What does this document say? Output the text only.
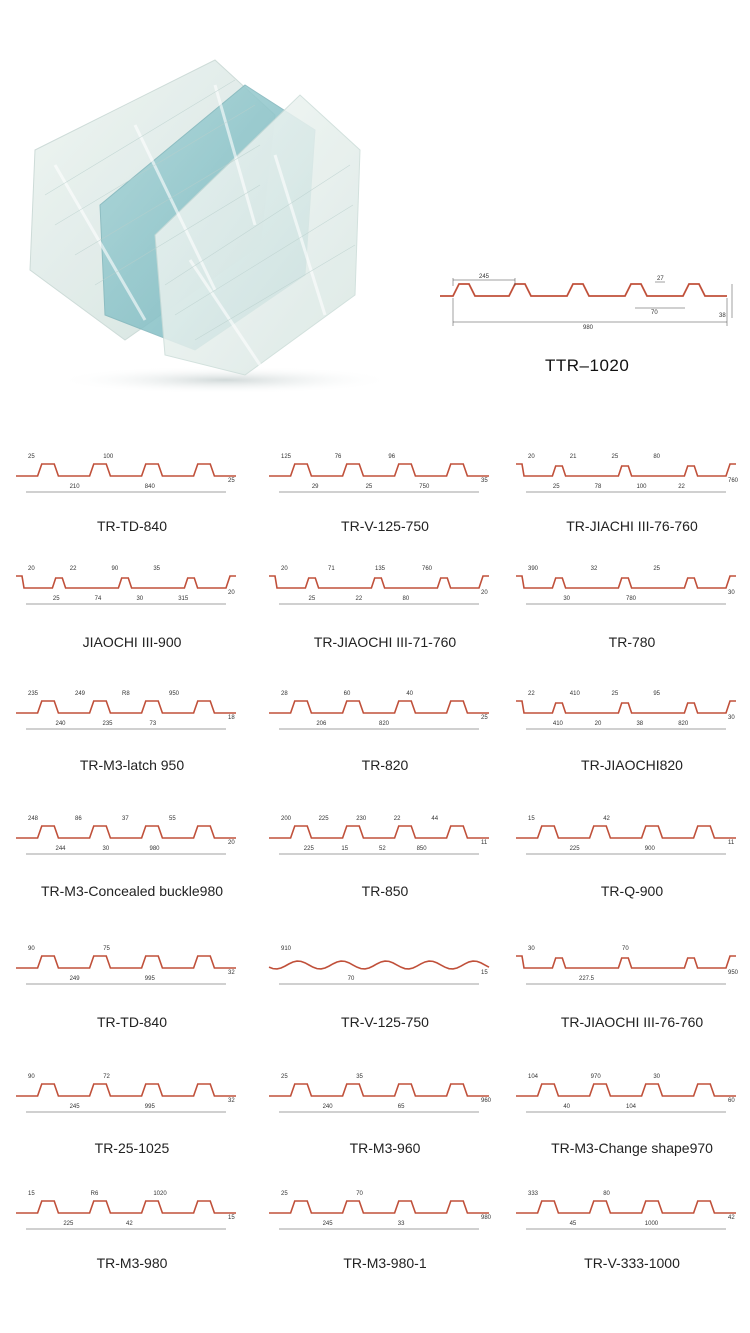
245	27
70
980
38
TTR–1020
25
210
100
840
25
TR-TD-840
125
29
76
25
96
750
35
TR-V-125-750
20
25
21
78
25
100
80
22
760
TR-JIACHI III-76-760
20
25
22
74
90
30
35
315
20
JIAOCHI III-900
20
25
71
22
135
80
760
20
TR-JIAOCHI III-71-760
390
30
32
780
25
30
TR-780
235
240
249
235
R8
73
950
18
TR-M3-latch 950
28
206
60
820
40
25
TR-820
22
410
410
20
25
38
95
820
30
TR-JIAOCHI820
248
244
86
30
37
980
55
20
TR-M3-Concealed buckle980
200
225
225
15
230
52
22
850
44
11
TR-850
15
225
42
900
11
TR-Q-900
90
249
75
995
32
TR-TD-840
910
70
15
TR-V-125-750
30
227.5
70
950
TR-JIAOCHI III-76-760
90
245
72
995
32
TR-25-1025
25
240
35
65
960
TR-M3-960
104
40
970
104
30
60
TR-M3-Change shape970
15
225
R6
42
1020
15
TR-M3-980
25
245
70
33
980
TR-M3-980-1
333
45
80
1000
42
TR-V-333-1000
